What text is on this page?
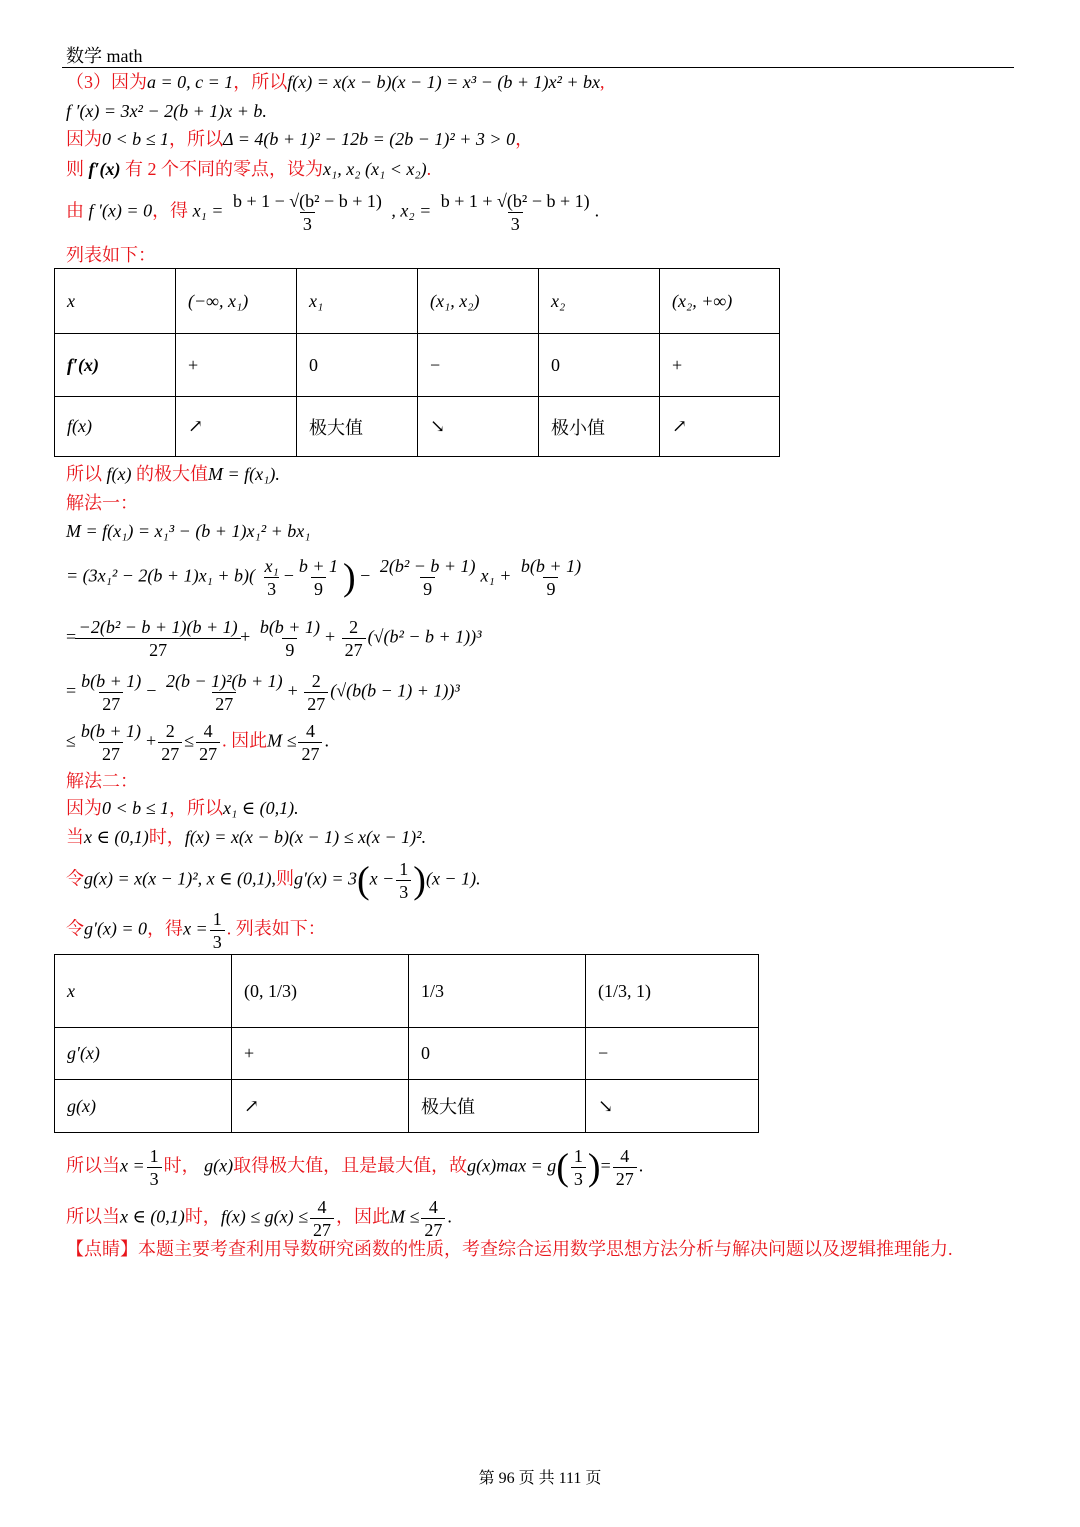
数学 math
（3）因为a = 0, c = 1，所以f(x) = x(x − b)(x − 1) = x³ − (b + 1)x² + bx,
f ′(x) = 3x² − 2(b + 1)x + b.
因为0 < b ≤ 1，所以Δ = 4(b + 1)² − 12b = (2b − 1)² + 3 > 0，
则 f′(x) 有 2 个不同的零点，设为x₁, x₂ (x₁ < x₂).
由 f ′(x) = 0，得 $x_1 = \frac{\text{b + 1 − √(b² − b + 1)}}{3}$ , $x_2 = \frac{\text{b + 1 + √(b² − b + 1)}}{3}$ .
列表如下：
x	(−∞, x₁)	x₁	(x₁, x₂)	x₂	(x₂, +∞)
f′(x)	+	0	−	0	+
f(x)	↗	极大值	↘	极小值	↗
所以 f(x) 的极大值M = f(x₁).
解法一：
M = f(x₁) = x₁³ − (b + 1)x₁² + bx₁
= $(3x_1^2 - 2(b + 1)x_1 + b)( \frac{\text{x₁}}{3} - \frac{b + 1}{9}$ ) − $\frac{\text{2(b² − b + 1)}}{9} x_1 + \frac{b(b + 1)}{9}$
= $\frac{\text{−2(b² − b + 1)(b + 1)}}{27} + \frac{b(b + 1)}{9} + \frac{2}{27} (√(b^2 - b + 1))^3$
= $\frac{b(b + 1)}{27} - \frac{\text{2(b − 1)²(b + 1)}}{27} + \frac{2}{27} (√(b(b - 1) + 1))^3$
≤ $\frac{b(b + 1)}{27} + \frac{2}{27} \le \frac{4}{27}$ . 因此$M \le \frac{4}{27}$ .
解法二：
因为0 < b ≤ 1，所以x₁ ∈ (0,1).
当x ∈ (0,1)时，f(x) = x(x − b)(x − 1) ≤ x(x − 1)².
令g(x) = x(x − 1)², x ∈ (0,1),则$g'(x) = 3(x - \frac{1}{3} )(x - 1)$.
令g′(x) = 0，得$x = \frac{1}{3}$ . 列表如下：
x	(0, 1/3)	1/3	(1/3, 1)
g′(x)	+	0	−
g(x)	↗	极大值	↘
所以当$x = \frac{1}{3}$ 时， g(x)取得极大值，且是最大值，故$g(x)\max = g( \frac{1}{3}$ )= $\frac{4}{27}$ .
所以当x ∈ (0,1)时，$f(x) \le g(x) \le \frac{4}{27}$ ，因此$M \le \frac{4}{27}$ .
【点睛】本题主要考查利用导数研究函数的性质，考查综合运用数学思想方法分析与解决问题以及逻辑推理能力.
第 96 页 共 111 页
